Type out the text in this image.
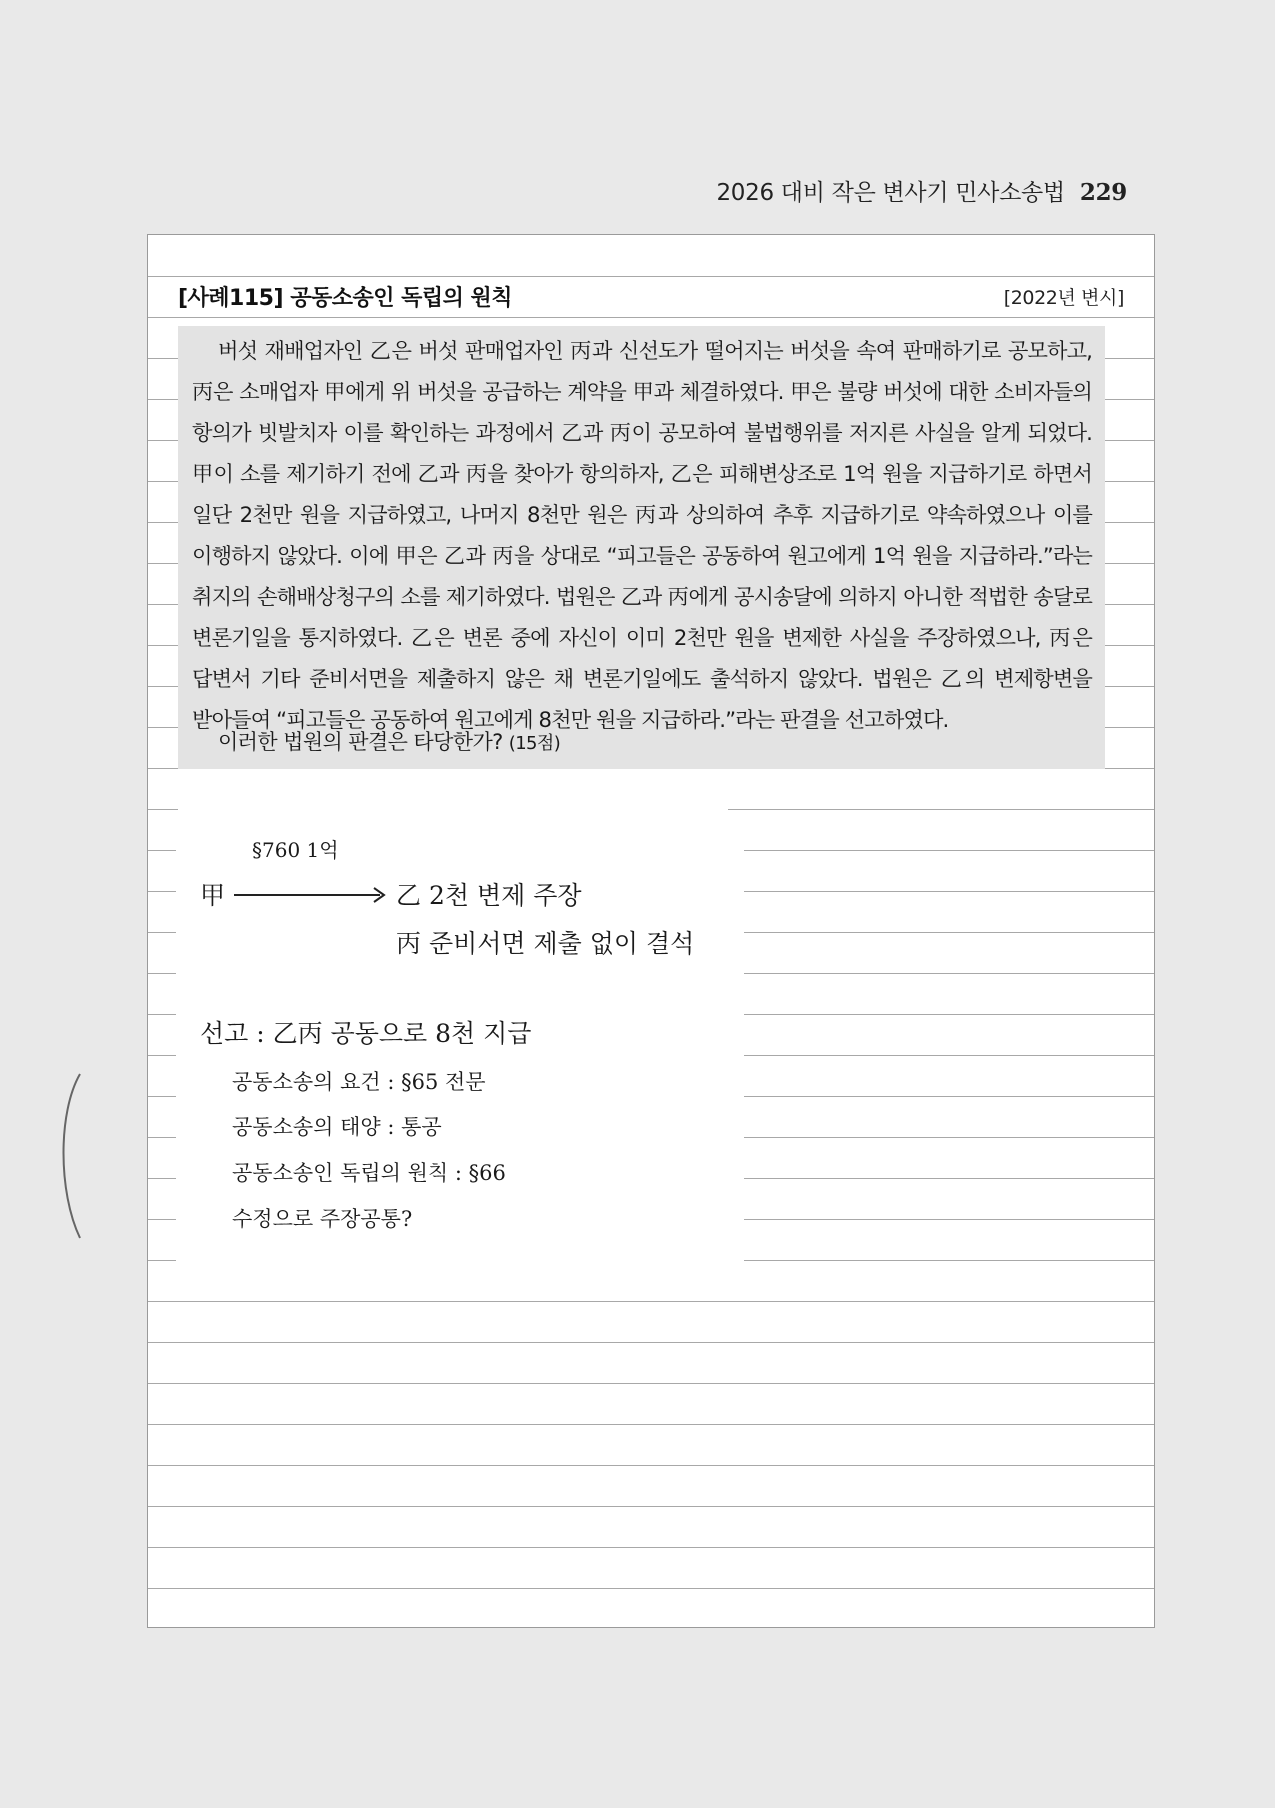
2026 대비 작은 변사기 민사소송법 229
[사례115] 공동소송인 독립의 원칙	[2022년 변시]

버섯 재배업자인 乙은 버섯 판매업자인 丙과 신선도가 떨어지는 버섯을 속여 판매하기로 공모하고, 丙은 소매업자 甲에게 위 버섯을 공급하는 계약을 甲과 체결하였다. 甲은 불량 버섯에 대한 소비자들의 항의가 빗발치자 이를 확인하는 과정에서 乙과 丙이 공모하여 불법행위를 저지른 사실을 알게 되었다. 甲이 소를 제기하기 전에 乙과 丙을 찾아가 항의하자, 乙은 피해변상조로 1억 원을 지급하기로 하면서 일단 2천만 원을 지급하였고, 나머지 8천만 원은 丙과 상의하여 추후 지급하기로 약속하였으나 이를 이행하지 않았다. 이에 甲은 乙과 丙을 상대로 “피고들은 공동하여 원고에게 1억 원을 지급하라.”라는 취지의 손해배상청구의 소를 제기하였다. 법원은 乙과 丙에게 공시송달에 의하지 아니한 적법한 송달로 변론기일을 통지하였다. 乙은 변론 중에 자신이 이미 2천만 원을 변제한 사실을 주장하였으나, 丙은 답변서 기타 준비서면을 제출하지 않은 채 변론기일에도 출석하지 않았다. 법원은 乙의 변제항변을 받아들여 “피고들은 공동하여 원고에게 8천만 원을 지급하라.”라는 판결을 선고하였다.

이러한 법원의 판결은 타당한가? (15점)
§760 1억
甲	乙 2천 변제 주장
丙 준비서면 제출 없이 결석
선고 : 乙丙 공동으로 8천 지급
공동소송의 요건 : §65 전문
공동소송의 태양 : 통공
공동소송인 독립의 원칙 : §66
수정으로 주장공통?
